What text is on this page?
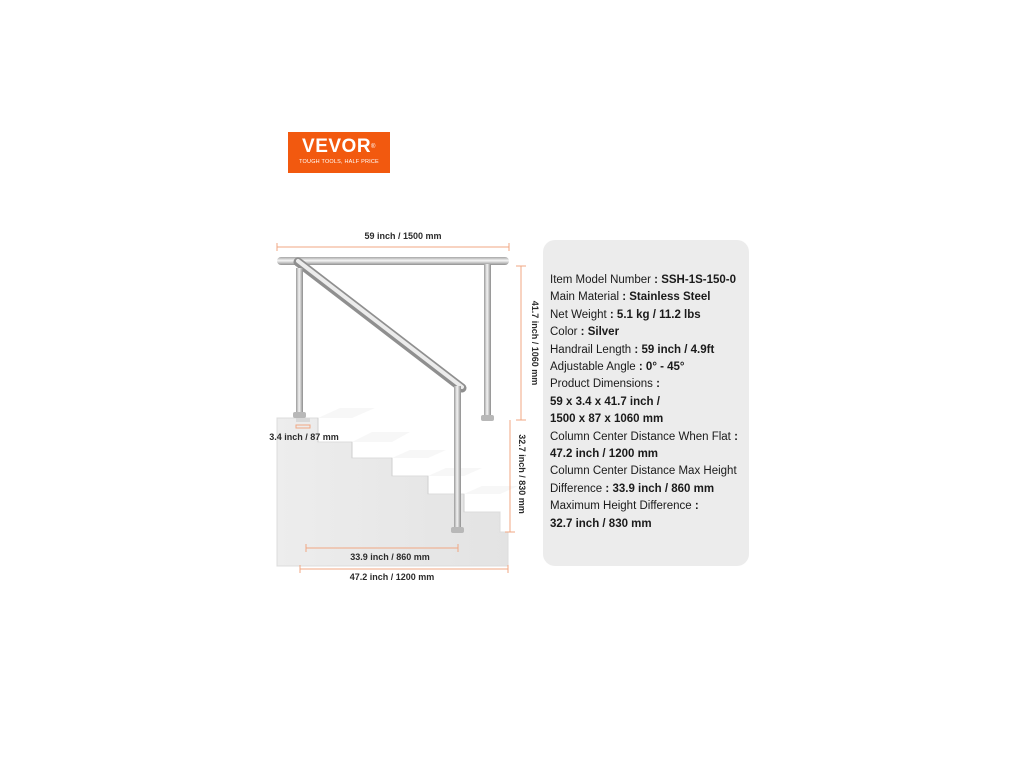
VEVOR®
TOUGH TOOLS, HALF PRICE
59 inch / 1500 mm
41.7 inch / 1060 mm
3.4 inch / 87 mm	32.7 inch / 830 mm
33.9 inch / 860 mm
47.2 inch / 1200 mm
Item Model Number : SSH-1S-150-0
Main Material : Stainless Steel
Net Weight : 5.1 kg / 11.2 lbs
Color : Silver
Handrail Length : 59 inch / 4.9ft
Adjustable Angle : 0° - 45°
Product Dimensions :
59 x 3.4 x 41.7 inch /
1500 x 87 x 1060 mm
Column Center Distance When Flat :
47.2 inch / 1200 mm
Column Center Distance Max Height
Difference : 33.9 inch / 860 mm
Maximum Height Difference :
32.7 inch / 830 mm
